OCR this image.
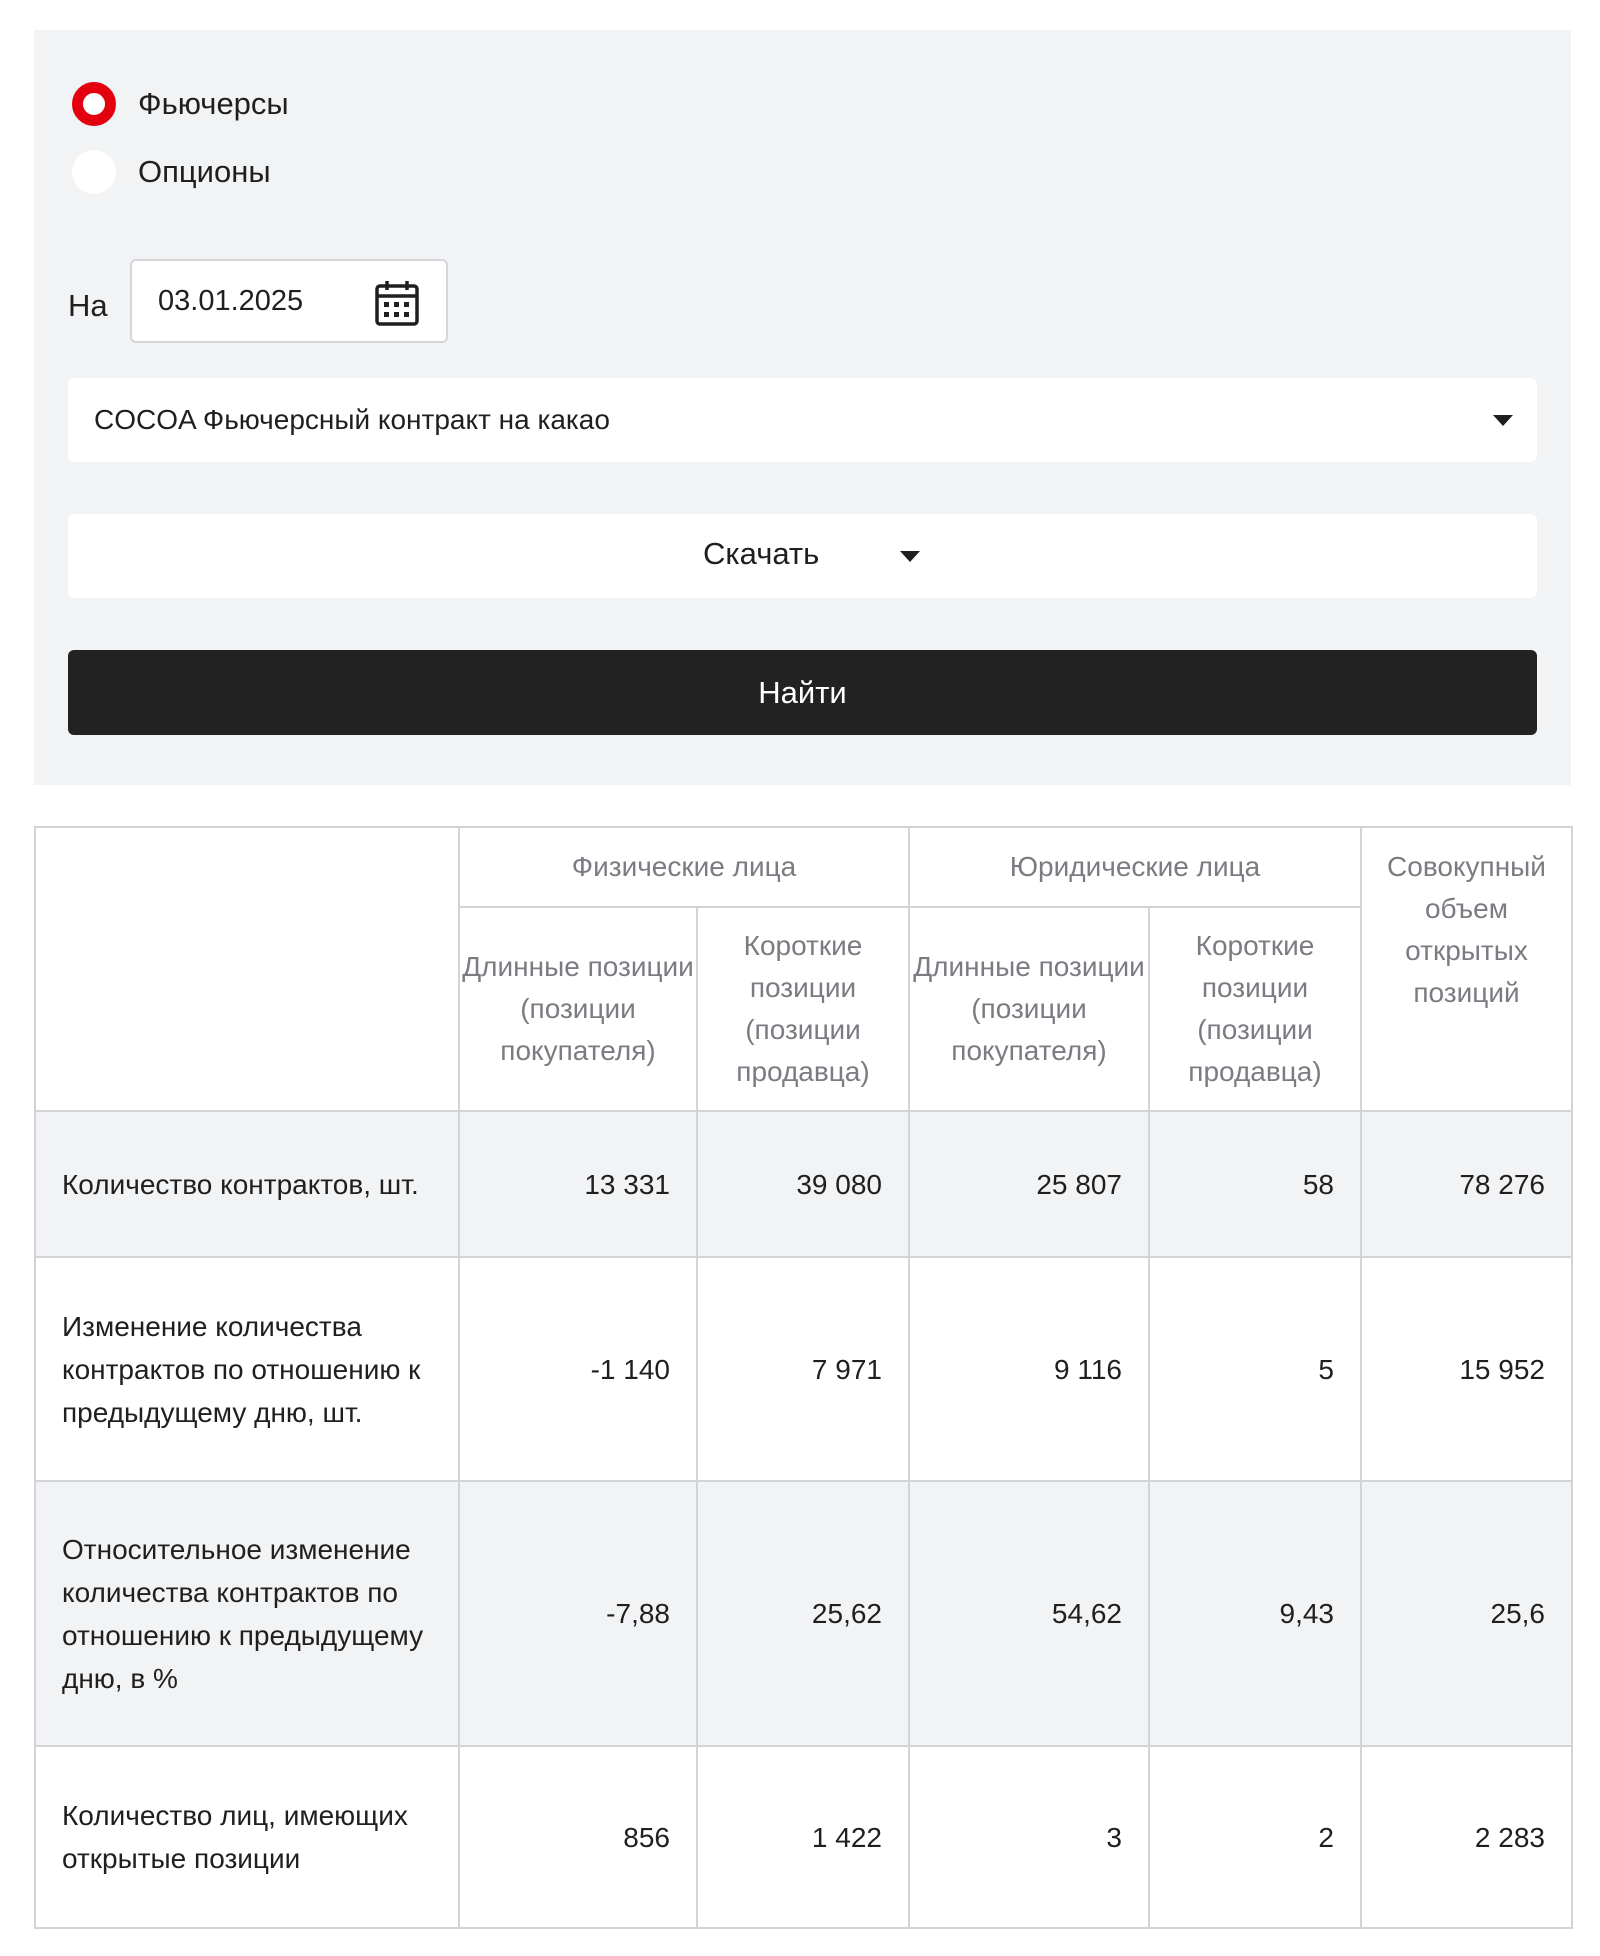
Фьючерсы
Опционы
На 03.01.2025
COCOA Фьючерсный контракт на какао
Скачать
Найти
	Физические лица		Юридические лица		Совокупный объем открытых позиций
	Длинные позиции (позиции покупателя)	Короткие позиции (позиции продавца)	Длинные позиции (позиции покупателя)	Короткие позиции (позиции продавца)	
Количество контрактов, шт.	13 331	39 080	25 807	58	78 276
Изменение количества контрактов по отношению к предыдущему дню, шт.	-1 140	7 971	9 116	5	15 952
Относительное изменение количества контрактов по отношению к предыдущему дню, в %	-7,88	25,62	54,62	9,43	25,6
Количество лиц, имеющих открытые позиции	856	1 422	3	2	2 283
